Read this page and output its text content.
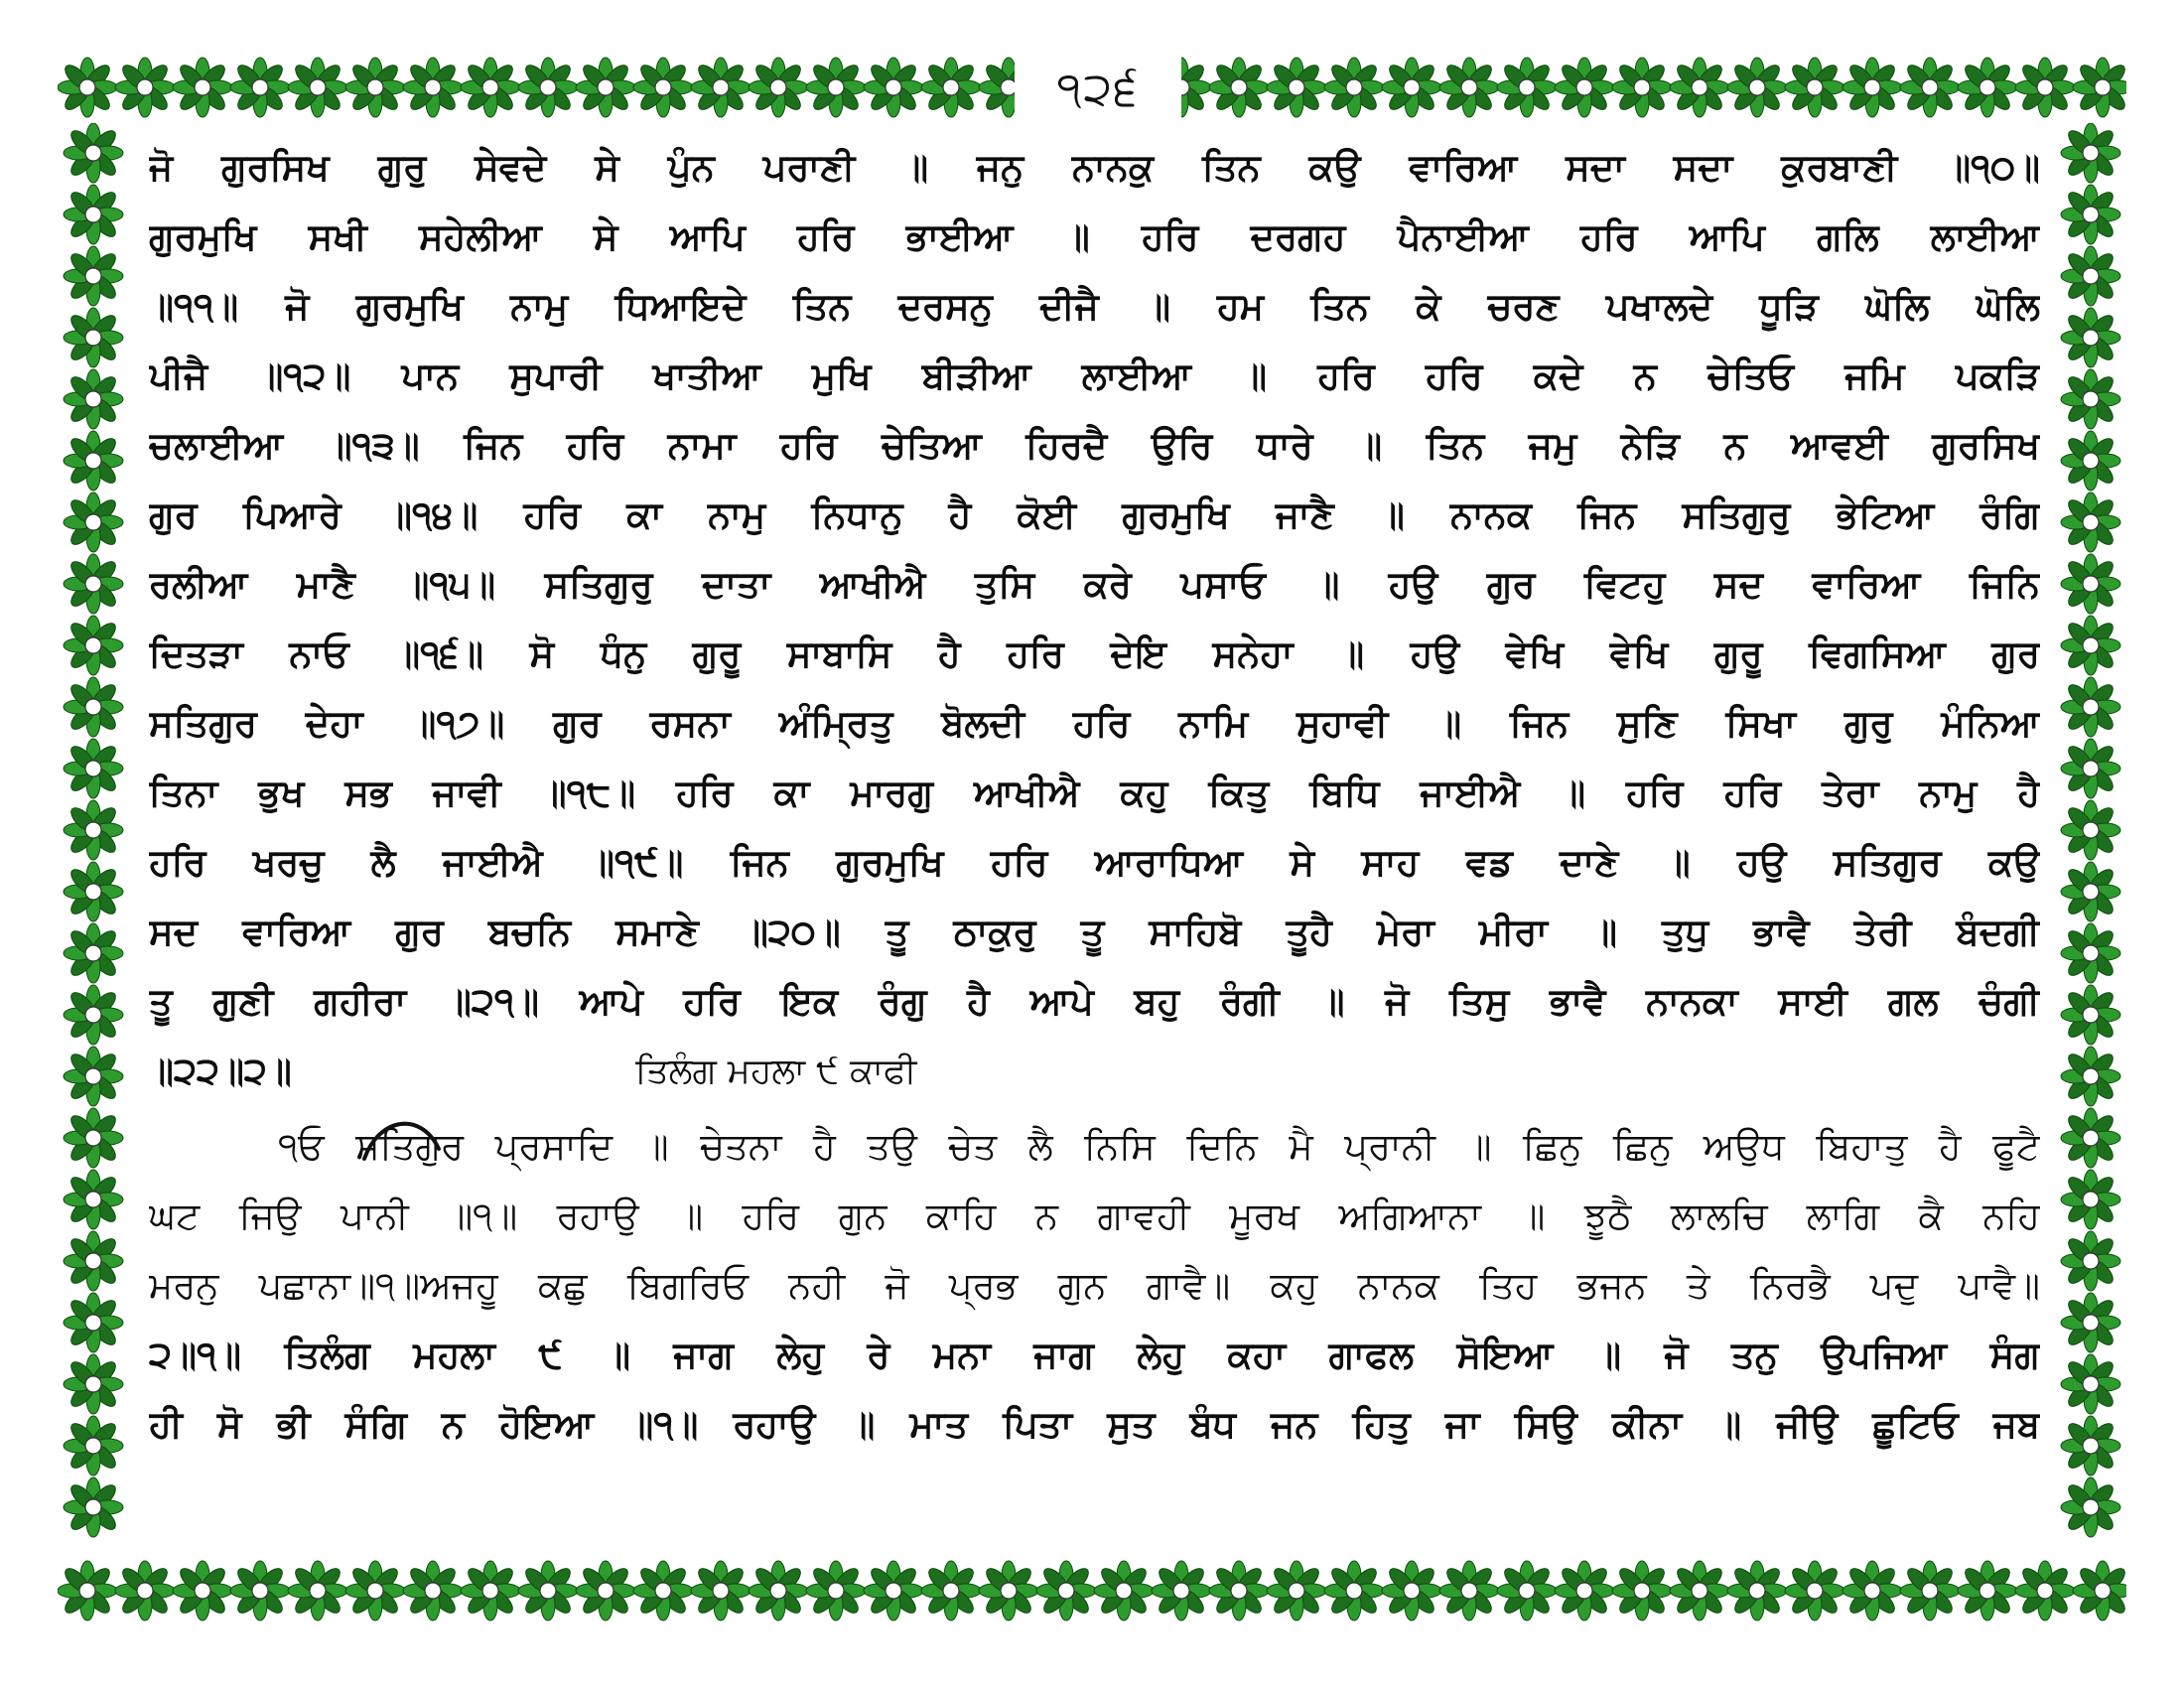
੧੨੬
ਜੋ ਗੁਰਸਿਖ ਗੁਰੁ ਸੇਵਦੇ ਸੇ ਪੁੰਨ ਪਰਾਣੀ ॥ ਜਨੁ ਨਾਨਕੁ ਤਿਨ ਕਉ ਵਾਰਿਆ ਸਦਾ ਸਦਾ ਕੁਰਬਾਣੀ ॥੧੦॥
ਗੁਰਮੁਖਿ ਸਖੀ ਸਹੇਲੀਆ ਸੇ ਆਪਿ ਹਰਿ ਭਾਈਆ ॥ ਹਰਿ ਦਰਗਹ ਪੈਨਾਈਆ ਹਰਿ ਆਪਿ ਗਲਿ ਲਾਈਆ
॥੧੧॥ ਜੋ ਗੁਰਮੁਖਿ ਨਾਮੁ ਧਿਆਇਦੇ ਤਿਨ ਦਰਸਨੁ ਦੀਜੈ ॥ ਹਮ ਤਿਨ ਕੇ ਚਰਣ ਪਖਾਲਦੇ ਧੂੜਿ ਘੋਲਿ ਘੋਲਿ
ਪੀਜੈ ॥੧੨॥ ਪਾਨ ਸੁਪਾਰੀ ਖਾਤੀਆ ਮੁਖਿ ਬੀੜੀਆ ਲਾਈਆ ॥ ਹਰਿ ਹਰਿ ਕਦੇ ਨ ਚੇਤਿਓ ਜਮਿ ਪਕੜਿ
ਚਲਾਈਆ ॥੧੩॥ ਜਿਨ ਹਰਿ ਨਾਮਾ ਹਰਿ ਚੇਤਿਆ ਹਿਰਦੈ ਉਰਿ ਧਾਰੇ ॥ ਤਿਨ ਜਮੁ ਨੇੜਿ ਨ ਆਵਈ ਗੁਰਸਿਖ
ਗੁਰ ਪਿਆਰੇ ॥੧੪॥ ਹਰਿ ਕਾ ਨਾਮੁ ਨਿਧਾਨੁ ਹੈ ਕੋਈ ਗੁਰਮੁਖਿ ਜਾਣੈ ॥ ਨਾਨਕ ਜਿਨ ਸਤਿਗੁਰੁ ਭੇਟਿਆ ਰੰਗਿ
ਰਲੀਆ ਮਾਣੈ ॥੧੫॥ ਸਤਿਗੁਰੁ ਦਾਤਾ ਆਖੀਐ ਤੁਸਿ ਕਰੇ ਪਸਾਓ ॥ ਹਉ ਗੁਰ ਵਿਟਹੁ ਸਦ ਵਾਰਿਆ ਜਿਨਿ
ਦਿਤੜਾ ਨਾਓ ॥੧੬॥ ਸੋ ਧੰਨੁ ਗੁਰੂ ਸਾਬਾਸਿ ਹੈ ਹਰਿ ਦੇਇ ਸਨੇਹਾ ॥ ਹਉ ਵੇਖਿ ਵੇਖਿ ਗੁਰੂ ਵਿਗਸਿਆ ਗੁਰ
ਸਤਿਗੁਰ ਦੇਹਾ ॥੧੭॥ ਗੁਰ ਰਸਨਾ ਅੰਮ੍ਰਿਤੁ ਬੋਲਦੀ ਹਰਿ ਨਾਮਿ ਸੁਹਾਵੀ ॥ ਜਿਨ ਸੁਣਿ ਸਿਖਾ ਗੁਰੁ ਮੰਨਿਆ
ਤਿਨਾ ਭੁਖ ਸਭ ਜਾਵੀ ॥੧੮॥ ਹਰਿ ਕਾ ਮਾਰਗੁ ਆਖੀਐ ਕਹੁ ਕਿਤੁ ਬਿਧਿ ਜਾਈਐ ॥ ਹਰਿ ਹਰਿ ਤੇਰਾ ਨਾਮੁ ਹੈ
ਹਰਿ ਖਰਚੁ ਲੈ ਜਾਈਐ ॥੧੯॥ ਜਿਨ ਗੁਰਮੁਖਿ ਹਰਿ ਆਰਾਧਿਆ ਸੇ ਸਾਹ ਵਡ ਦਾਣੇ ॥ ਹਉ ਸਤਿਗੁਰ ਕਉ
ਸਦ ਵਾਰਿਆ ਗੁਰ ਬਚਨਿ ਸਮਾਣੇ ॥੨੦॥ ਤੂ ਠਾਕੁਰੁ ਤੂ ਸਾਹਿਬੋ ਤੂਹੈ ਮੇਰਾ ਮੀਰਾ ॥ ਤੁਧੁ ਭਾਵੈ ਤੇਰੀ ਬੰਦਗੀ
ਤੂ ਗੁਣੀ ਗਹੀਰਾ ॥੨੧॥ ਆਪੇ ਹਰਿ ਇਕ ਰੰਗੁ ਹੈ ਆਪੇ ਬਹੁ ਰੰਗੀ ॥ ਜੋ ਤਿਸੁ ਭਾਵੈ ਨਾਨਕਾ ਸਾਈ ਗਲ ਚੰਗੀ
॥੨੨॥੨॥	ਤਿਲੰਗ ਮਹਲਾ ੯ ਕਾਫੀ
੧ਓ ਸਤਿਗੁਰ ਪ੍ਰਸਾਦਿ ॥ ਚੇਤਨਾ ਹੈ ਤਉ ਚੇਤ ਲੈ ਨਿਸਿ ਦਿਨਿ ਮੈ ਪ੍ਰਾਨੀ ॥ ਛਿਨੁ ਛਿਨੁ ਅਉਧ ਬਿਹਾਤੁ ਹੈ ਫੂਟੈ
ਘਟ ਜਿਉ ਪਾਨੀ ॥੧॥ ਰਹਾਉ ॥ ਹਰਿ ਗੁਨ ਕਾਹਿ ਨ ਗਾਵਹੀ ਮੂਰਖ ਅਗਿਆਨਾ ॥ ਝੂਠੈ ਲਾਲਚਿ ਲਾਗਿ ਕੈ ਨਹਿ
ਮਰਨੁ ਪਛਾਨਾ॥੧॥ਅਜਹੂ ਕਛੁ ਬਿਗਰਿਓ ਨਹੀ ਜੋ ਪ੍ਰਭ ਗੁਨ ਗਾਵੈ॥ ਕਹੁ ਨਾਨਕ ਤਿਹ ਭਜਨ ਤੇ ਨਿਰਭੈ ਪਦੁ ਪਾਵੈ॥
੨॥੧॥ ਤਿਲੰਗ ਮਹਲਾ ੯ ॥ ਜਾਗ ਲੇਹੁ ਰੇ ਮਨਾ ਜਾਗ ਲੇਹੁ ਕਹਾ ਗਾਫਲ ਸੋਇਆ ॥ ਜੋ ਤਨੁ ਉਪਜਿਆ ਸੰਗ
ਹੀ ਸੋ ਭੀ ਸੰਗਿ ਨ ਹੋਇਆ ॥੧॥ ਰਹਾਉ ॥ ਮਾਤ ਪਿਤਾ ਸੁਤ ਬੰਧ ਜਨ ਹਿਤੁ ਜਾ ਸਿਉ ਕੀਨਾ ॥ ਜੀਉ ਛੂਟਿਓ ਜਬ
